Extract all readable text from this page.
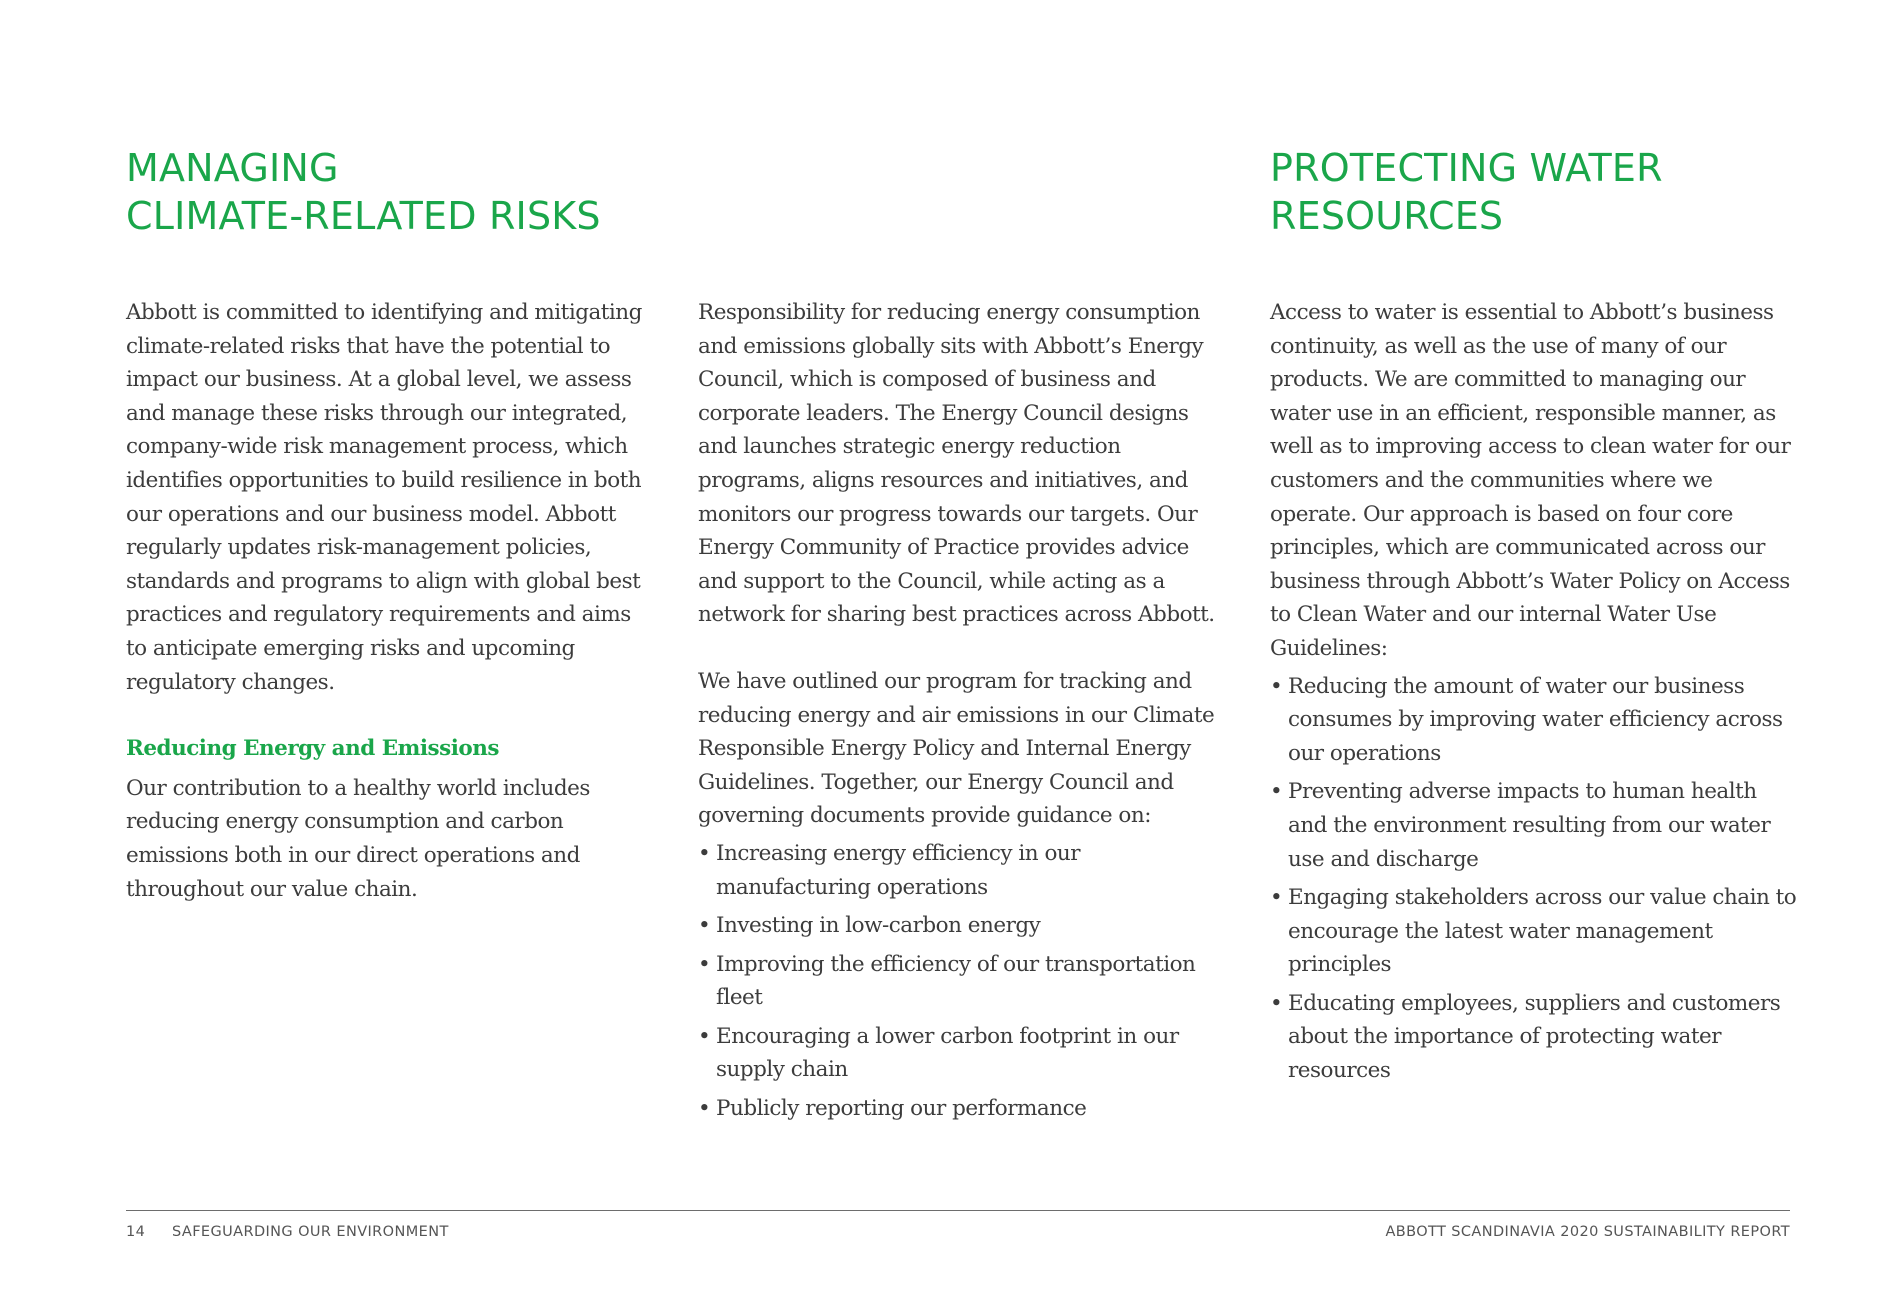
MANAGING
CLIMATE-RELATED RISKS
PROTECTING WATER
RESOURCES

Abbott is committed to identifying and mitigating climate-related risks that have the potential to impact our business. At a global level, we assess and manage these risks through our integrated, company-wide risk management process, which identifies opportunities to build resilience in both our operations and our business model. Abbott regularly updates risk-management policies, standards and programs to align with global best practices and regulatory requirements and aims to anticipate emerging risks and upcoming regulatory changes.

Reducing Energy and Emissions

Our contribution to a healthy world includes reducing energy consumption and carbon emissions both in our direct operations and throughout our value chain.

Responsibility for reducing energy consumption and emissions globally sits with Abbott’s Energy Council, which is composed of business and corporate leaders. The Energy Council designs and launches strategic energy reduction programs, aligns resources and initiatives, and monitors our progress towards our targets. Our Energy Community of Practice provides advice and support to the Council, while acting as a network for sharing best practices across Abbott.

We have outlined our program for tracking and reducing energy and air emissions in our Climate Responsible Energy Policy and Internal Energy Guidelines. Together, our Energy Council and governing documents provide guidance on:

• Increasing energy efficiency in our manufacturing operations
• Investing in low-carbon energy
• Improving the efficiency of our transportation fleet
• Encouraging a lower carbon footprint in our supply chain
• Publicly reporting our performance

Access to water is essential to Abbott’s business continuity, as well as the use of many of our products. We are committed to managing our water use in an efficient, responsible manner, as well as to improving access to clean water for our customers and the communities where we operate. Our approach is based on four core principles, which are communicated across our business through Abbott’s Water Policy on Access to Clean Water and our internal Water Use Guidelines:

• Reducing the amount of water our business consumes by improving water efficiency across our operations
• Preventing adverse impacts to human health and the environment resulting from our water use and discharge
• Engaging stakeholders across our value chain to encourage the latest water management principles
• Educating employees, suppliers and customers about the importance of protecting water resources
14 SAFEGUARDING OUR ENVIRONMENT	ABBOTT SCANDINAVIA 2020 SUSTAINABILITY REPORT
